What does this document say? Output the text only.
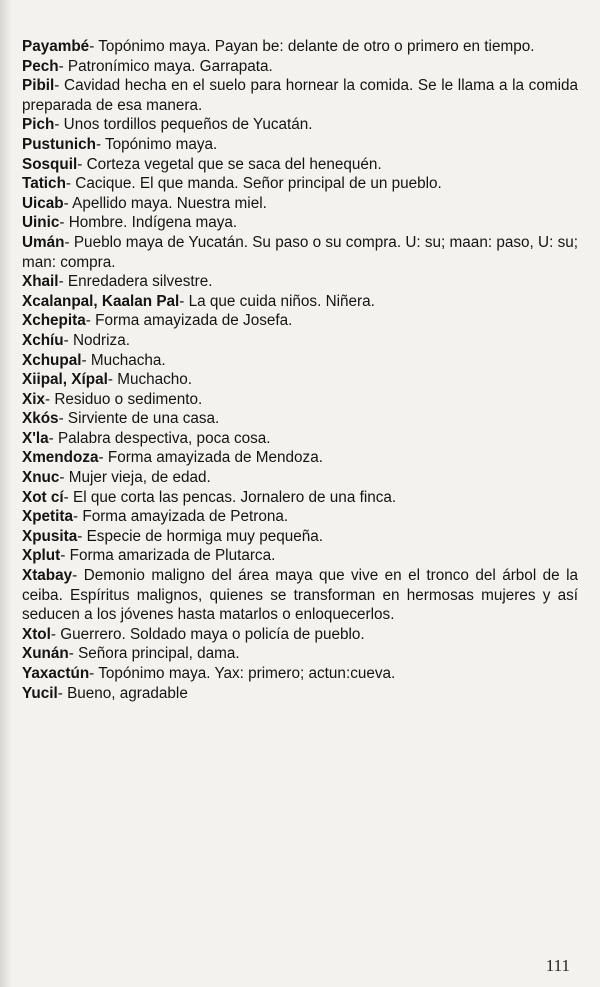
Payambé- Topónimo maya. Payan be: delante de otro o primero en tiempo.

Pech- Patronímico maya. Garrapata.

Pibil- Cavidad hecha en el suelo para hornear la comida. Se le llama a la comida preparada de esa manera.

Pich- Unos tordillos pequeños de Yucatán.

Pustunich- Topónimo maya.

Sosquil- Corteza vegetal que se saca del henequén.

Tatich- Cacique. El que manda. Señor principal de un pueblo.

Uicab- Apellido maya. Nuestra miel.

Uinic- Hombre. Indígena maya.

Umán- Pueblo maya de Yucatán. Su paso o su compra. U: su; maan: paso, U: su; man: compra.

Xhail- Enredadera silvestre.

Xcalanpal, Kaalan Pal- La que cuida niños. Niñera.

Xchepita- Forma amayizada de Josefa.

Xchíu- Nodriza.

Xchupal- Muchacha.

Xiipal, Xípal- Muchacho.

Xix- Residuo o sedimento.

Xkós- Sirviente de una casa.

X'la- Palabra despectiva, poca cosa.

Xmendoza- Forma amayizada de Mendoza.

Xnuc- Mujer vieja, de edad.

Xot cí- El que corta las pencas. Jornalero de una finca.

Xpetita- Forma amayizada de Petrona.

Xpusita- Especie de hormiga muy pequeña.

Xplut- Forma amarizada de Plutarca.

Xtabay- Demonio maligno del área maya que vive en el tronco del árbol de la ceiba. Espíritus malignos, quienes se transforman en hermosas mujeres y así seducen a los jóvenes hasta matarlos o enloquecerlos.

Xtol- Guerrero. Soldado maya o policía de pueblo.

Xunán- Señora principal, dama.

Yaxactún- Topónimo maya. Yax: primero; actun:cueva.

Yucil- Bueno, agradable

111
